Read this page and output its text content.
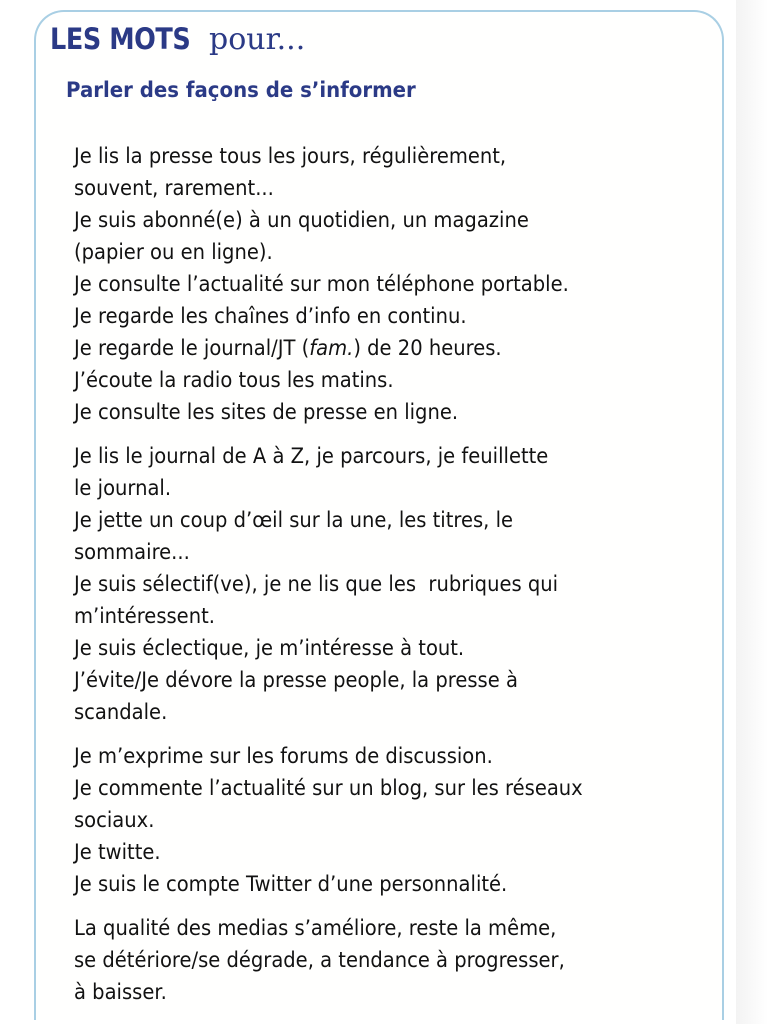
LES MOTS pour...
Parler des façons de s’informer
Je lis la presse tous les jours, régulièrement,
souvent, rarement...
Je suis abonné(e) à un quotidien, un magazine
(papier ou en ligne).
Je consulte l’actualité sur mon téléphone portable.
Je regarde les chaînes d’info en continu.
Je regarde le journal/JT (fam.) de 20 heures.
J’écoute la radio tous les matins.
Je consulte les sites de presse en ligne.
Je lis le journal de A à Z, je parcours, je feuillette
le journal.
Je jette un coup d’œil sur la une, les titres, le
sommaire...
Je suis sélectif(ve), je ne lis que les  rubriques qui
m’intéressent.
Je suis éclectique, je m’intéresse à tout.
J’évite/Je dévore la presse people, la presse à
scandale.
Je m’exprime sur les forums de discussion.
Je commente l’actualité sur un blog, sur les réseaux
sociaux.
Je twitte.
Je suis le compte Twitter d’une personnalité.
La qualité des medias s’améliore, reste la même,
se détériore/se dégrade, a tendance à progresser,
à baisser.
